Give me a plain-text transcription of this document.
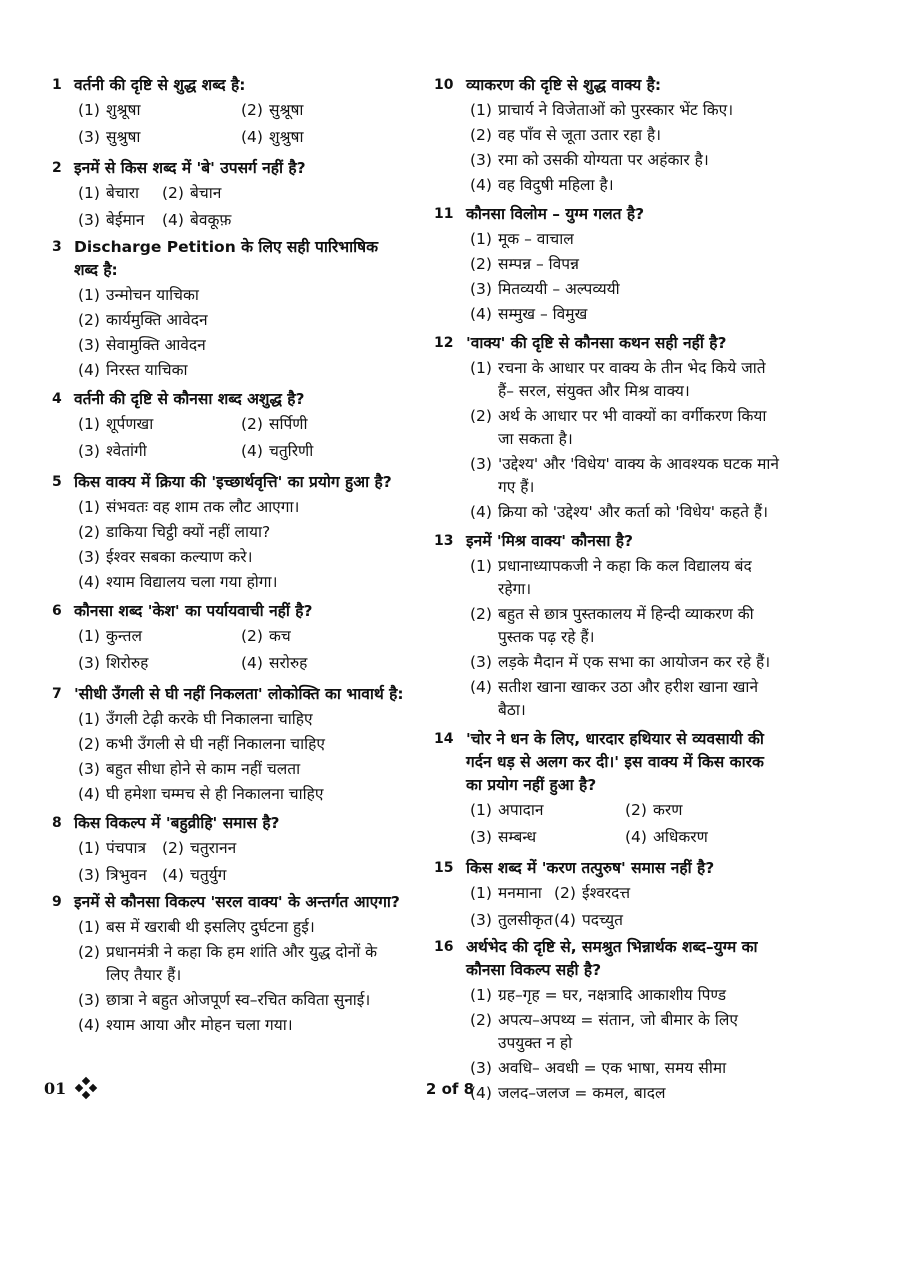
1 वर्तनी की दृष्टि से शुद्ध शब्द है:
(1) शुश्रूषा	(2) सुश्रूषा
(3) सुश्रुषा	(4) शुश्रुषा
2 इनमें से किस शब्द में 'बे' उपसर्ग नहीं है?
(1) बेचारा	(2) बेचान
(3) बेईमान	(4) बेवकूफ़
3 Discharge Petition के लिए सही पारिभाषिक शब्द है:
(1) उन्मोचन याचिका
(2) कार्यमुक्ति आवेदन
(3) सेवामुक्ति आवेदन
(4) निरस्त याचिका
4 वर्तनी की दृष्टि से कौनसा शब्द अशुद्ध है?
(1) शूर्पणखा	(2) सर्पिणी
(3) श्वेतांगी	(4) चतुरिणी
5 किस वाक्य में क्रिया की 'इच्छार्थवृत्ति' का प्रयोग हुआ है?
(1) संभवतः वह शाम तक लौट आएगा।
(2) डाकिया चिट्ठी क्यों नहीं लाया?
(3) ईश्वर सबका कल्याण करे।
(4) श्याम विद्यालय चला गया होगा।
6 कौनसा शब्द 'केश' का पर्यायवाची नहीं है?
(1) कुन्तल	(2) कच
(3) शिरोरुह	(4) सरोरुह
7 'सीधी उँगली से घी नहीं निकलता' लोकोक्ति का भावार्थ है:
(1) उँगली टेढ़ी करके घी निकालना चाहिए
(2) कभी उँगली से घी नहीं निकालना चाहिए
(3) बहुत सीधा होने से काम नहीं चलता
(4) घी हमेशा चम्मच से ही निकालना चाहिए
8 किस विकल्प में 'बहुव्रीहि' समास है?
(1) पंचपात्र	(2) चतुरानन
(3) त्रिभुवन (4) चतुर्युग
9 इनमें से कौनसा विकल्प 'सरल वाक्य' के अन्तर्गत आएगा?
(1) बस में खराबी थी इसलिए दुर्घटना हुई।
(2) प्रधानमंत्री ने कहा कि हम शांति और युद्ध दोनों के लिए तैयार हैं।
(3) छात्रा ने बहुत ओजपूर्ण स्व–रचित कविता सुनाई।
(4) श्याम आया और मोहन चला गया।
10 व्याकरण की दृष्टि से शुद्ध वाक्य है:
(1) प्राचार्य ने विजेताओं को पुरस्कार भेंट किए।
(2) वह पाँव से जूता उतार रहा है।
(3) रमा को उसकी योग्यता पर अहंकार है।
(4) वह विदुषी महिला है।
11 कौनसा विलोम – युग्म गलत है?
(1) मूक – वाचाल
(2) सम्पन्न – विपन्न
(3) मितव्ययी – अल्पव्ययी
(4) सम्मुख – विमुख
12 'वाक्य' की दृष्टि से कौनसा कथन सही नहीं है?
(1) रचना के आधार पर वाक्य के तीन भेद किये जाते हैं– सरल, संयुक्त और मिश्र वाक्य।
(2) अर्थ के आधार पर भी वाक्यों का वर्गीकरण किया जा सकता है।
(3) 'उद्देश्य' और 'विधेय' वाक्य के आवश्यक घटक माने गए हैं।
(4) क्रिया को 'उद्देश्य' और कर्ता को 'विधेय' कहते हैं।
13 इनमें 'मिश्र वाक्य' कौनसा है?
(1) प्रधानाध्यापकजी ने कहा कि कल विद्यालय बंद रहेगा।
(2) बहुत से छात्र पुस्तकालय में हिन्दी व्याकरण की पुस्तक पढ़ रहे हैं।
(3) लड़के मैदान में एक सभा का आयोजन कर रहे हैं।
(4) सतीश खाना खाकर उठा और हरीश खाना खाने बैठा।
14 'चोर ने धन के लिए, धारदार हथियार से व्यवसायी की गर्दन धड़ से अलग कर दी।' इस वाक्य में किस कारक का प्रयोग नहीं हुआ है?
(1) अपादान	(2) करण
(3) सम्बन्ध	(4) अधिकरण
15 किस शब्द में 'करण तत्पुरुष' समास नहीं है?
(1) मनमाना (2) ईश्वरदत्त
(3) तुलसीकृत (4) पदच्युत
16 अर्थभेद की दृष्टि से, समश्रुत भिन्नार्थक शब्द–युग्म का कौनसा विकल्प सही है?
(1) ग्रह–गृह = घर, नक्षत्रादि आकाशीय पिण्ड
(2) अपत्य–अपथ्य = संतान, जो बीमार के लिए उपयुक्त न हो
(3) अवधि– अवधी = एक भाषा, समय सीमा
(4) जलद–जलज = कमल, बादल
01	2 of 8
